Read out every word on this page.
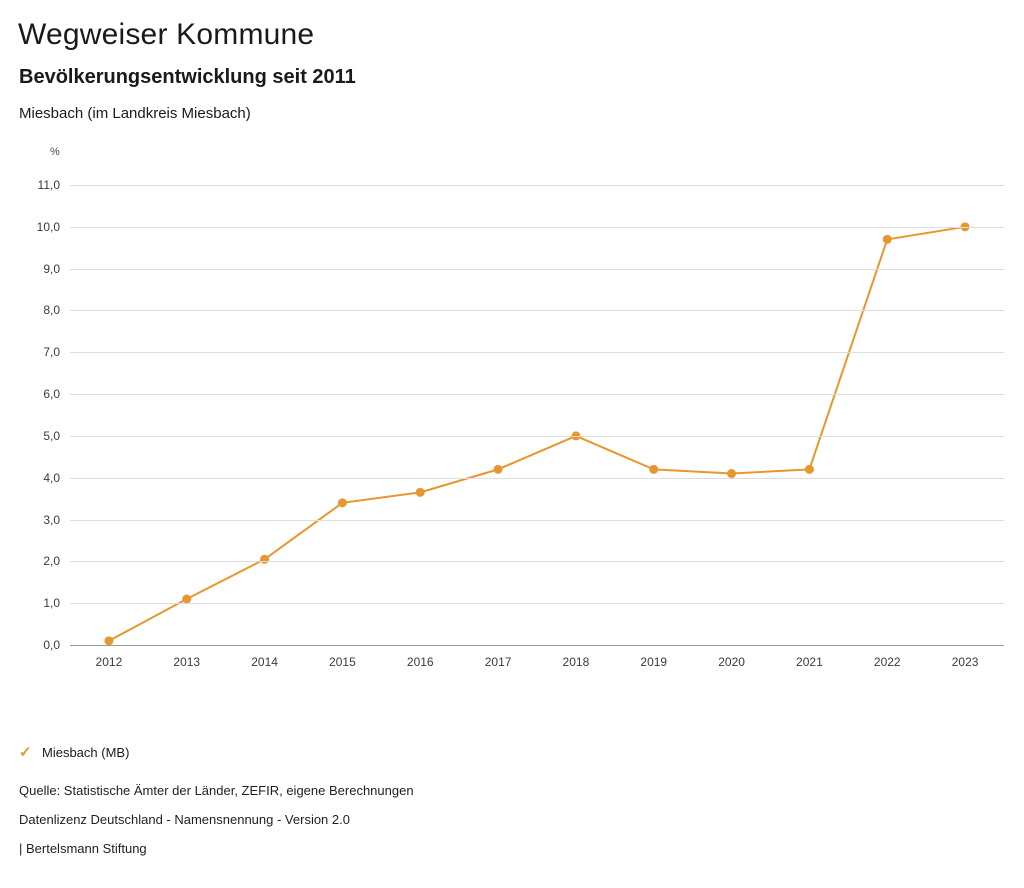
Wegweiser Kommune
Bevölkerungsentwicklung seit 2011
Miesbach (im Landkreis Miesbach)
%
0,0
1,0
2,0
3,0
4,0
5,0
6,0
7,0
8,0
9,0
10,0
11,0
2012	2013	2014	2015	2016	2017	2018	2019	2020	2021	2022	2023
✓ Miesbach (MB)
Quelle: Statistische Ämter der Länder, ZEFIR, eigene Berechnungen
Datenlizenz Deutschland - Namensnennung - Version 2.0
| Bertelsmann Stiftung
